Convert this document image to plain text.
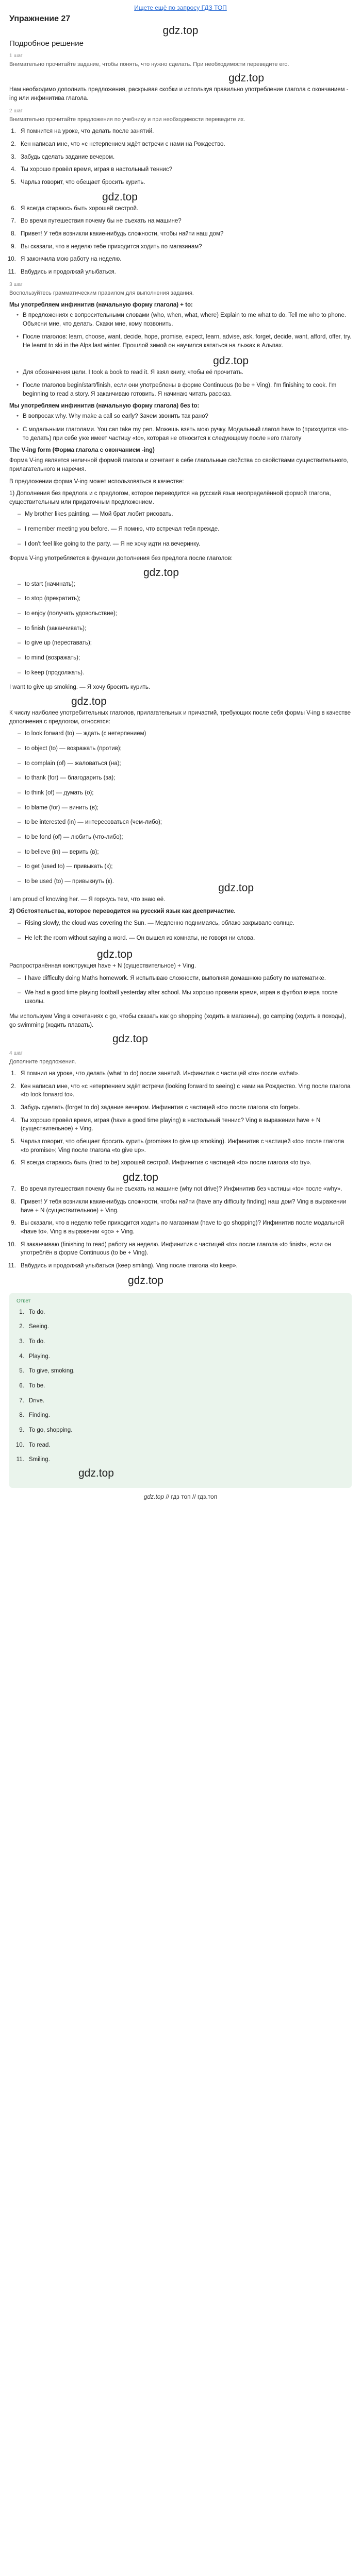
Ищете ещё по запросу ГДЗ ТОП
Упражнение 27
gdz.top
Подробное решение
1 шаг

Внимательно прочитайте задание, чтобы понять, что нужно сделать. При необходимости переведите его.

gdz.top

Нам необходимо дополнить предложения, раскрывая скобки и используя правильно употребление глагола с окончанием -ing или инфинитива глагола.

2 шаг

Внимательно прочитайте предложения по учебнику и при необходимости переведите их.

1. Я помнится на уроке, что делать после занятий.
2. Кен написал мне, что «с нетерпением ждёт встречи с нами на Рождество.
3. Забудь сделать задание вечером.
4. Ты хорошо провёл время, играя в настольный теннис?
5. Чарльз говорит, что обещает бросить курить.
gdz.top
6. Я всегда стараюсь быть хорошей сестрой.
7. Во время путешествия почему бы не съехать на машине?
8. Привет! У тебя возникли какие-нибудь сложности, чтобы найти наш дом?
9. Вы сказали, что в неделю тебе приходится ходить по магазинам?
10. Я закончила мою работу на неделю.
11. Вабудись и продолжай улыбаться.
3 шаг

Воспользуйтесь грамматическим правилом для выполнения задания.

Мы употребляем инфинитив (начальную форму глагола) + to:
• В предложениях с вопросительными словами (who, when, what, where) Explain to me what to do. Tell me who to phone. Объясни мне, что делать. Скажи мне, кому позвонить.
• После глаголов: learn, choose, want, decide, hope, promise, expect, learn, advise, ask, forget, decide, want, afford, offer, try. He learnt to ski in the Alps last winter. Прошлой зимой он научился кататься на лыжах в Альпах.
gdz.top
• Для обозначения цели. I took a book to read it. Я взял книгу, чтобы её прочитать.
• После глаголов begin/start/finish, если они употреблены в форме Continuous (to be + Ving). I'm finishing to cook. I'm beginning to read a story. Я заканчиваю готовить. Я начинаю читать рассказ.
Мы употребляем инфинитив (начальную форму глагола) без to:
• В вопросах why. Why make a call so early? Зачем звонить так рано?
• С модальными глаголами. You can take my pen. Можешь взять мою ручку. Модальный глагол have to (приходится что-то делать) при себе уже имеет частицу «to», которая не относится к следующему после него глаголу
The V-ing form (Форма глагола с окончанием -ing)

Форма V-ing является неличной формой глагола и сочетает в себе глагольные свойства со свойствами существительного, прилагательного и наречия.

В предложении форма V-ing может использоваться в качестве:

1) Дополнения без предлога и с предлогом, которое переводится на русский язык неопределённой формой глагола, существительным или придаточным предложением.

– My brother likes painting. — Мой брат любит рисовать.
– I remember meeting you before. — Я помню, что встречал тебя прежде.
– I don't feel like going to the party. — Я не хочу идти на вечеринку.

Форма V-ing употребляется в функции дополнения без предлога после глаголов:

gdz.top
– to start (начинать);
– to stop (прекратить);
– to enjoy (получать удовольствие);
– to finish (заканчивать);
– to give up (переставать);
– to mind (возражать);
– to keep (продолжать).

I want to give up smoking. — Я хочу бросить курить.

gdz.top

К числу наиболее употребительных глаголов, прилагательных и причастий, требующих после себя формы V-ing в качестве дополнения с предлогом, относятся:

– to look forward (to) — ждать (с нетерпением)
– to object (to) — возражать (против);
– to complain (of) — жаловаться (на);
– to thank (for) — благодарить (за);
– to think (of) — думать (о);
– to blame (for) — винить (в);
– to be interested (in) — интересоваться (чем-либо);
– to be fond (of) — любить (что-либо);
– to believe (in) — верить (в);
– to get (used to) — привыкать (к);
– to be used (to) — привыкнуть (к).
gdz.top

I am proud of knowing her. — Я горжусь тем, что знаю её.

2) Обстоятельства, которое переводится на русский язык как деепричастие.

– Rising slowly, the cloud was covering the Sun. — Медленно поднимаясь, облако закрывало солнце.
– He left the room without saying a word. — Он вышел из комнаты, не говоря ни слова.
gdz.top

Распространённая конструкция have + N (существительное) + Ving.

– I have difficulty doing Maths homework. Я испытываю сложности, выполняя домашнюю работу по математике.
– We had a good time playing football yesterday after school. Мы хорошо провели время, играя в футбол вчера после школы.

Мы используем Ving в сочетаниях с go, чтобы сказать как go shopping (ходить в магазины), go camping (ходить в походы), go swimming (ходить плавать).

gdz.top
4 шаг

Дополните предложения.

1. Я помнил на уроке, что делать (what to do) после занятий. Инфинитив с частицей «to» после «what».
2. Кен написал мне, что «с нетерпением ждёт встречи (looking forward to seeing) с нами на Рождество. Ving после глагола «to look forward to».
3. Забудь сделать (forget to do) задание вечером. Инфинитив с частицей «to» после глагола «to forget».
4. Ты хорошо провёл время, играя (have a good time playing) в настольный теннис? Ving в выражении have + N (существительное) + Ving.
5. Чарльз говорит, что обещает бросить курить (promises to give up smoking). Инфинитив с частицей «to» после глагола «to promise»; Ving после глагола «to give up».
6. Я всегда стараюсь быть (tried to be) хорошей сестрой. Инфинитив с частицей «to» после глагола «to try».
gdz.top
7. Во время путешествия почему бы не съехать на машине (why not drive)? Инфинитив без частицы «to» после «why».
8. Привет! У тебя возникли какие-нибудь сложности, чтобы найти (have any difficulty finding) наш дом? Ving в выражении have + N (существительное) + Ving.
9. Вы сказали, что в неделю тебе приходится ходить по магазинам (have to go shopping)? Инфинитив после модальной «have to». Ving в выражении «go» + Ving.
10. Я заканчиваю (finishing to read) работу на неделю. Инфинитив с частицей «to» после глагола «to finish», если он употреблён в форме Continuous (to be + Ving).
11. Вабудись и продолжай улыбаться (keep smiling). Ving после глагола «to keep».
gdz.top
Ответ
1. To do.
2. Seeing.
3. To do.
4. Playing.
5. To give, smoking.
6. To be.
7. Drive.
8. Finding.
9. To go, shopping.
10. To read.
11. Smiling.
gdz.top
gdz.top // гдз топ // гдз.топ
